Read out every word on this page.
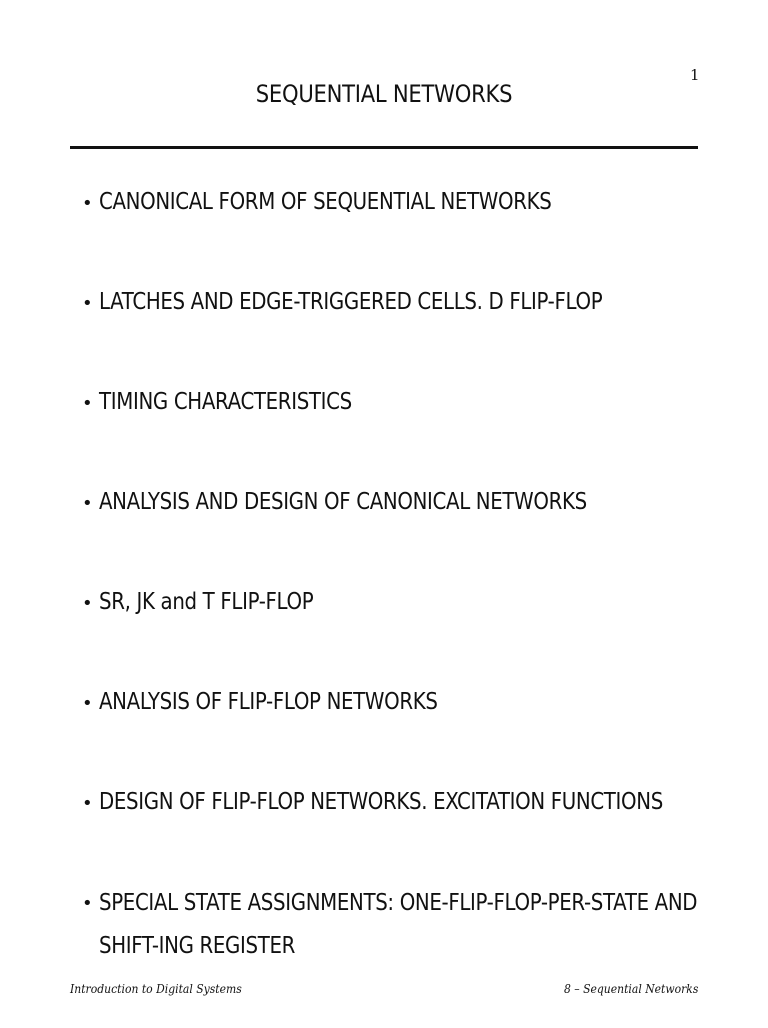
1
SEQUENTIAL NETWORKS
• CANONICAL FORM OF SEQUENTIAL NETWORKS
• LATCHES AND EDGE-TRIGGERED CELLS. D FLIP-FLOP
• TIMING CHARACTERISTICS
• ANALYSIS AND DESIGN OF CANONICAL NETWORKS
• SR, JK and T FLIP-FLOP
• ANALYSIS OF FLIP-FLOP NETWORKS
• DESIGN OF FLIP-FLOP NETWORKS. EXCITATION FUNCTIONS
• SPECIAL STATE ASSIGNMENTS: ONE-FLIP-FLOP-PER-STATE AND SHIFT-ING REGISTER
Introduction to Digital Systems	8 – Sequential Networks
